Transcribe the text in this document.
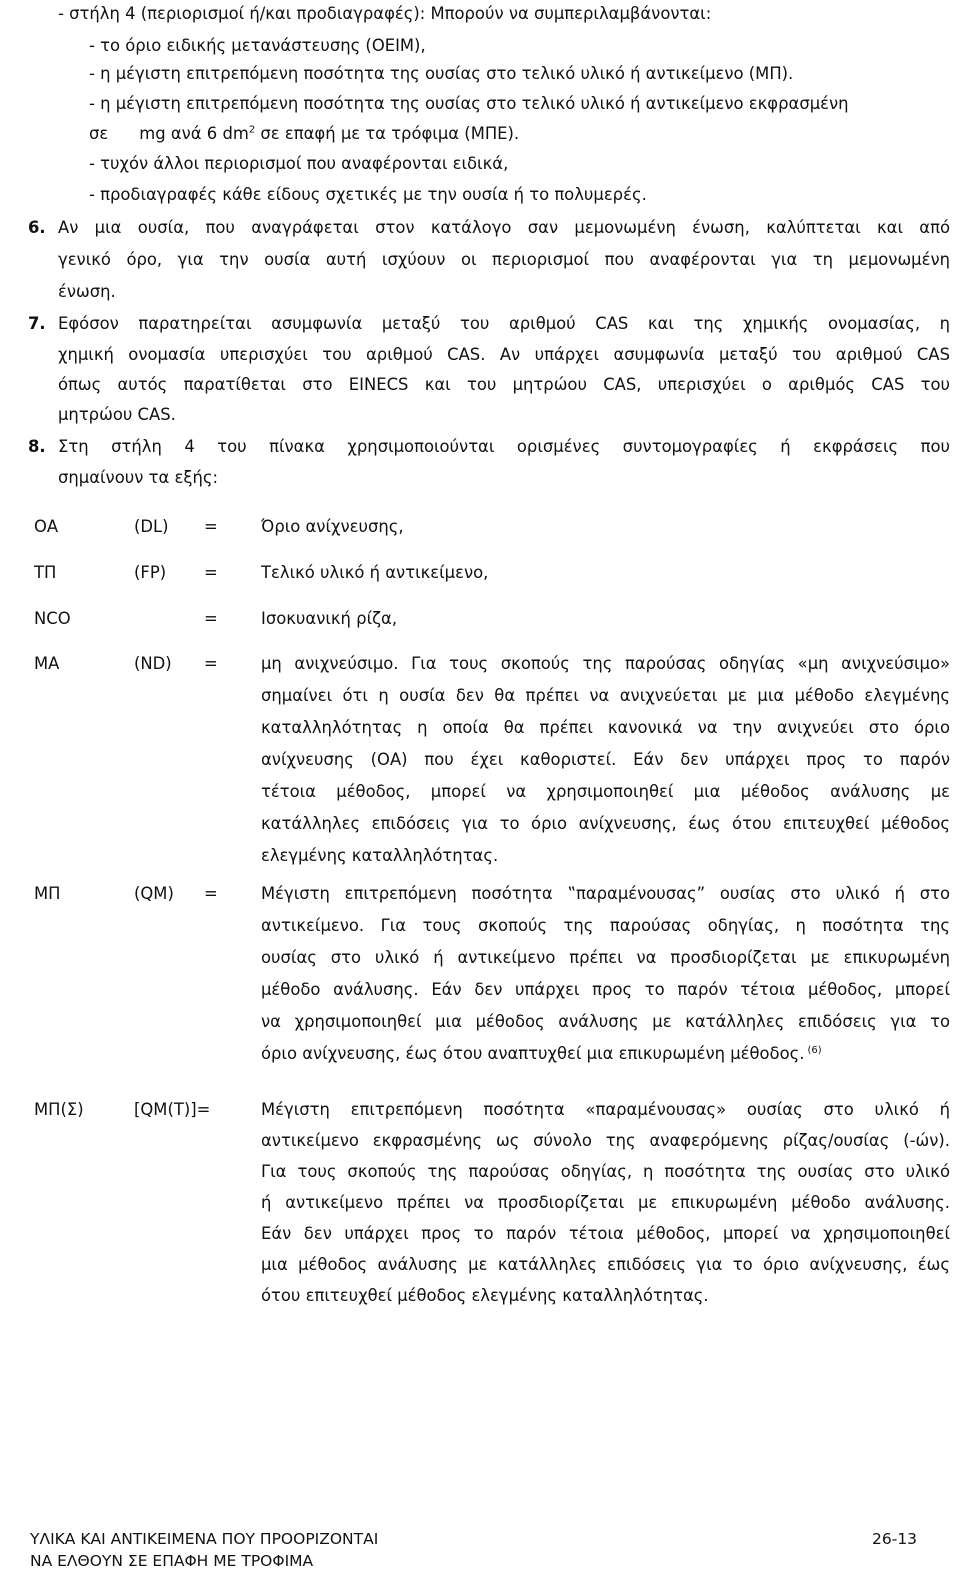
- στήλη 4 (περιορισμοί ή/και προδιαγραφές): Μπορούν να συμπεριλαμβάνονται:
- το όριο ειδικής μετανάστευσης (ΟΕΙΜ),
- η μέγιστη επιτρεπόμενη ποσότητα της ουσίας στο τελικό υλικό ή αντικείμενο (ΜΠ).
- η μέγιστη επιτρεπόμενη ποσότητα της ουσίας στο τελικό υλικό ή αντικείμενο εκφρασμένη
σε mg ανά 6 $dm^2$ σε επαφή με τα τρόφιμα (ΜΠΕ).
- τυχόν άλλοι περιορισμοί που αναφέρονται ειδικά,
- προδιαγραφές κάθε είδους σχετικές με την ουσία ή το πολυμερές.
6. Αν μια ουσία, που αναγράφεται στον κατάλογο σαν μεμονωμένη ένωση, καλύπτεται και από
γενικό όρο, για την ουσία αυτή ισχύουν οι περιορισμοί που αναφέρονται για τη μεμονωμένη
ένωση.
7. Εφόσον παρατηρείται ασυμφωνία μεταξύ του αριθμού CAS και της χημικής ονομασίας, η
χημική ονομασία υπερισχύει του αριθμού CAS. Αν υπάρχει ασυμφωνία μεταξύ του αριθμού CAS
όπως αυτός παρατίθεται στο EINECS και του μητρώου CAS, υπερισχύει ο αριθμός CAS του
μητρώου CAS.
8. Στη στήλη 4 του πίνακα χρησιμοποιούνται ορισμένες συντομογραφίες ή εκφράσεις που
σημαίνουν τα εξής:
ΟΑ	(DL) =	Όριο ανίχνευσης,
ΤΠ	(FP) =	Τελικό υλικό ή αντικείμενο,
NCO	=	Ισοκυανική ρίζα,
ΜΑ	(ND) =	μη ανιχνεύσιμο. Για τους σκοπούς της παρούσας οδηγίας «μη ανιχνεύσιμο»
σημαίνει ότι η ουσία δεν θα πρέπει να ανιχνεύεται με μια μέθοδο ελεγμένης
καταλληλότητας η οποία θα πρέπει κανονικά να την ανιχνεύει στο όριο
ανίχνευσης (ΟΑ) που έχει καθοριστεί. Εάν δεν υπάρχει προς το παρόν
τέτοια μέθοδος, μπορεί να χρησιμοποιηθεί μια μέθοδος ανάλυσης με
κατάλληλες επιδόσεις για το όριο ανίχνευσης, έως ότου επιτευχθεί μέθοδος
ελεγμένης καταλληλότητας.
ΜΠ	(QM) =	Μέγιστη επιτρεπόμενη ποσότητα ‟παραμένουσας” ουσίας στο υλικό ή στο
αντικείμενο. Για τους σκοπούς της παρούσας οδηγίας, η ποσότητα της
ουσίας στο υλικό ή αντικείμενο πρέπει να προσδιορίζεται με επικυρωμένη
μέθοδο ανάλυσης. Εάν δεν υπάρχει προς το παρόν τέτοια μέθοδος, μπορεί
να χρησιμοποιηθεί μια μέθοδος ανάλυσης με κατάλληλες επιδόσεις για το
όριο ανίχνευσης, έως ότου αναπτυχθεί μια επικυρωμένη μέθοδος. $^{(6)}$
ΜΠ(Σ)	[QM(T)]=	Μέγιστη επιτρεπόμενη ποσότητα «παραμένουσας» ουσίας στο υλικό ή
αντικείμενο εκφρασμένης ως σύνολο της αναφερόμενης ρίζας/ουσίας (-ών).
Για τους σκοπούς της παρούσας οδηγίας, η ποσότητα της ουσίας στο υλικό
ή αντικείμενο πρέπει να προσδιορίζεται με επικυρωμένη μέθοδο ανάλυσης.
Εάν δεν υπάρχει προς το παρόν τέτοια μέθοδος, μπορεί να χρησιμοποιηθεί
μια μέθοδος ανάλυσης με κατάλληλες επιδόσεις για το όριο ανίχνευσης, έως
ότου επιτευχθεί μέθοδος ελεγμένης καταλληλότητας.
ΥΛΙΚΑ ΚΑΙ ΑΝΤΙΚΕΙΜΕΝΑ ΠΟΥ ΠΡΟΟΡΙΖΟΝΤΑΙ
ΝΑ ΕΛΘΟΥΝ ΣΕ ΕΠΑΦΗ ΜΕ ΤΡΟΦΙΜΑ
26-13
